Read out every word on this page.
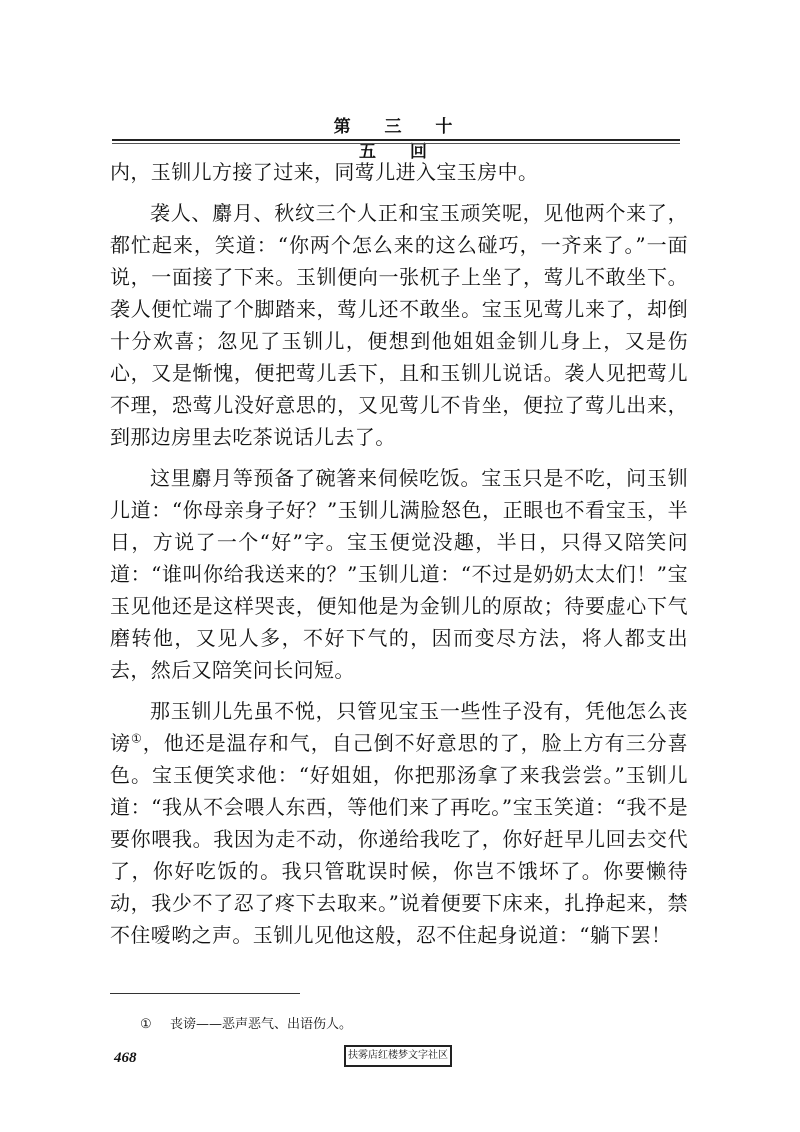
第 三 十 五 回

内，玉钏儿方接了过来，同莺儿进入宝玉房中。

袭人、麝月、秋纹三个人正和宝玉顽笑呢，见他两个来了，都忙起来，笑道：“你两个怎么来的这么碰巧，一齐来了。”一面说，一面接了下来。玉钏便向一张杌子上坐了，莺儿不敢坐下。袭人便忙端了个脚踏来，莺儿还不敢坐。宝玉见莺儿来了，却倒十分欢喜；忽见了玉钏儿，便想到他姐姐金钏儿身上，又是伤心，又是惭愧，便把莺儿丢下，且和玉钏儿说话。袭人见把莺儿不理，恐莺儿没好意思的，又见莺儿不肯坐，便拉了莺儿出来，到那边房里去吃茶说话儿去了。

这里麝月等预备了碗箸来伺候吃饭。宝玉只是不吃，问玉钏儿道：“你母亲身子好？”玉钏儿满脸怒色，正眼也不看宝玉，半日，方说了一个“好”字。宝玉便觉没趣，半日，只得又陪笑问道：“谁叫你给我送来的？”玉钏儿道：“不过是奶奶太太们！”宝玉见他还是这样哭丧，便知他是为金钏儿的原故；待要虚心下气磨转他，又见人多，不好下气的，因而变尽方法，将人都支出去，然后又陪笑问长问短。

那玉钏儿先虽不悦，只管见宝玉一些性子没有，凭他怎么丧谤①，他还是温存和气，自己倒不好意思的了，脸上方有三分喜色。宝玉便笑求他：“好姐姐，你把那汤拿了来我尝尝。”玉钏儿道：“我从不会喂人东西，等他们来了再吃。”宝玉笑道：“我不是要你喂我。我因为走不动，你递给我吃了，你好赶早儿回去交代了，你好吃饭的。我只管耽误时候，你岂不饿坏了。你要懒待动，我少不了忍了疼下去取来。”说着便要下床来，扎挣起来，禁不住嗳哟之声。玉钏儿见他这般，忍不住起身说道：“躺下罢！

① 丧谤——恶声恶气、出语伤人。
468	扶雾店红楼梦文字社区
